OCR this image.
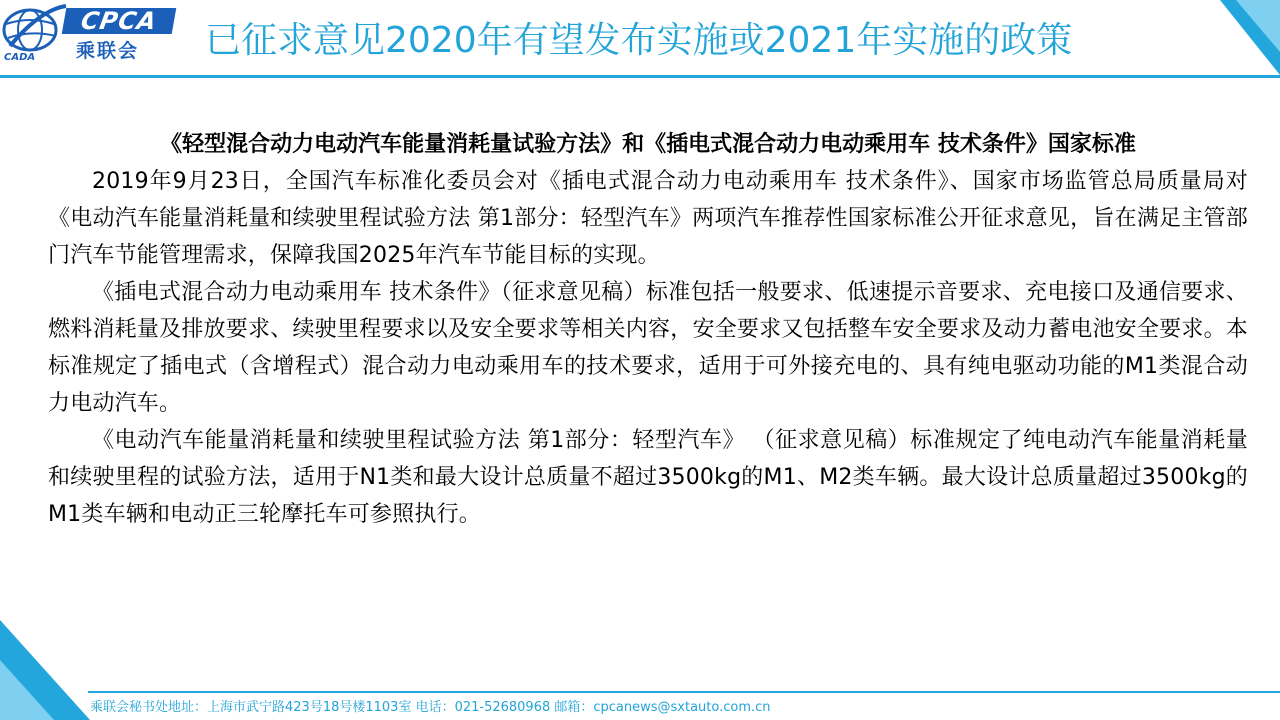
CPCA
乘联会
CADA	已征求意见2020年有望发布实施或2021年实施的政策
《轻型混合动力电动汽车能量消耗量试验方法》和《插电式混合动力电动乘用车 技术条件》国家标准

2019年9月23日，全国汽车标准化委员会对《插电式混合动力电动乘用车 技术条件》、国家市场监管总局质量局对《电动汽车能量消耗量和续驶里程试验方法 第1部分：轻型汽车》两项汽车推荐性国家标准公开征求意见，旨在满足主管部门汽车节能管理需求，保障我国2025年汽车节能目标的实现。

《插电式混合动力电动乘用车 技术条件》（征求意见稿）标准包括一般要求、低速提示音要求、充电接口及通信要求、燃料消耗量及排放要求、续驶里程要求以及安全要求等相关内容，安全要求又包括整车安全要求及动力蓄电池安全要求。本标准规定了插电式（含增程式）混合动力电动乘用车的技术要求，适用于可外接充电的、具有纯电驱动功能的M1类混合动力电动汽车。

《电动汽车能量消耗量和续驶里程试验方法 第1部分：轻型汽车》 （征求意见稿）标准规定了纯电动汽车能量消耗量和续驶里程的试验方法，适用于N1类和最大设计总质量不超过3500kg的M1、M2类车辆。最大设计总质量超过3500kg的M1类车辆和电动正三轮摩托车可参照执行。

乘联会秘书处地址：上海市武宁路423号18号楼1103室 电话：021-52680968 邮箱：cpcanews@sxtauto.com.cn
